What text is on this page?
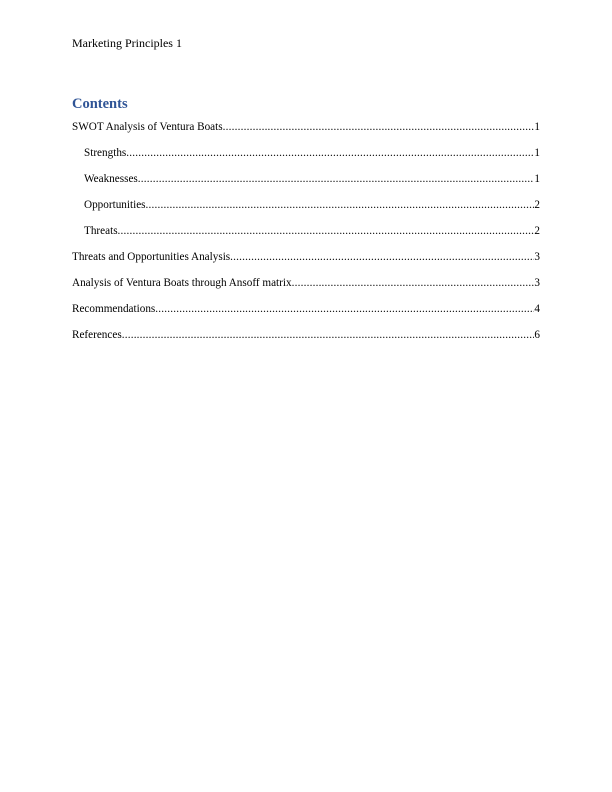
Marketing Principles 1
Contents
SWOT Analysis of Ventura Boats .....	1
Strengths .....	1
Weaknesses .....	1
Opportunities .....	2
Threats .....	2
Threats and Opportunities Analysis .....	3
Analysis of Ventura Boats through Ansoff matrix .....	3
Recommendations .....	4
References .....	6
